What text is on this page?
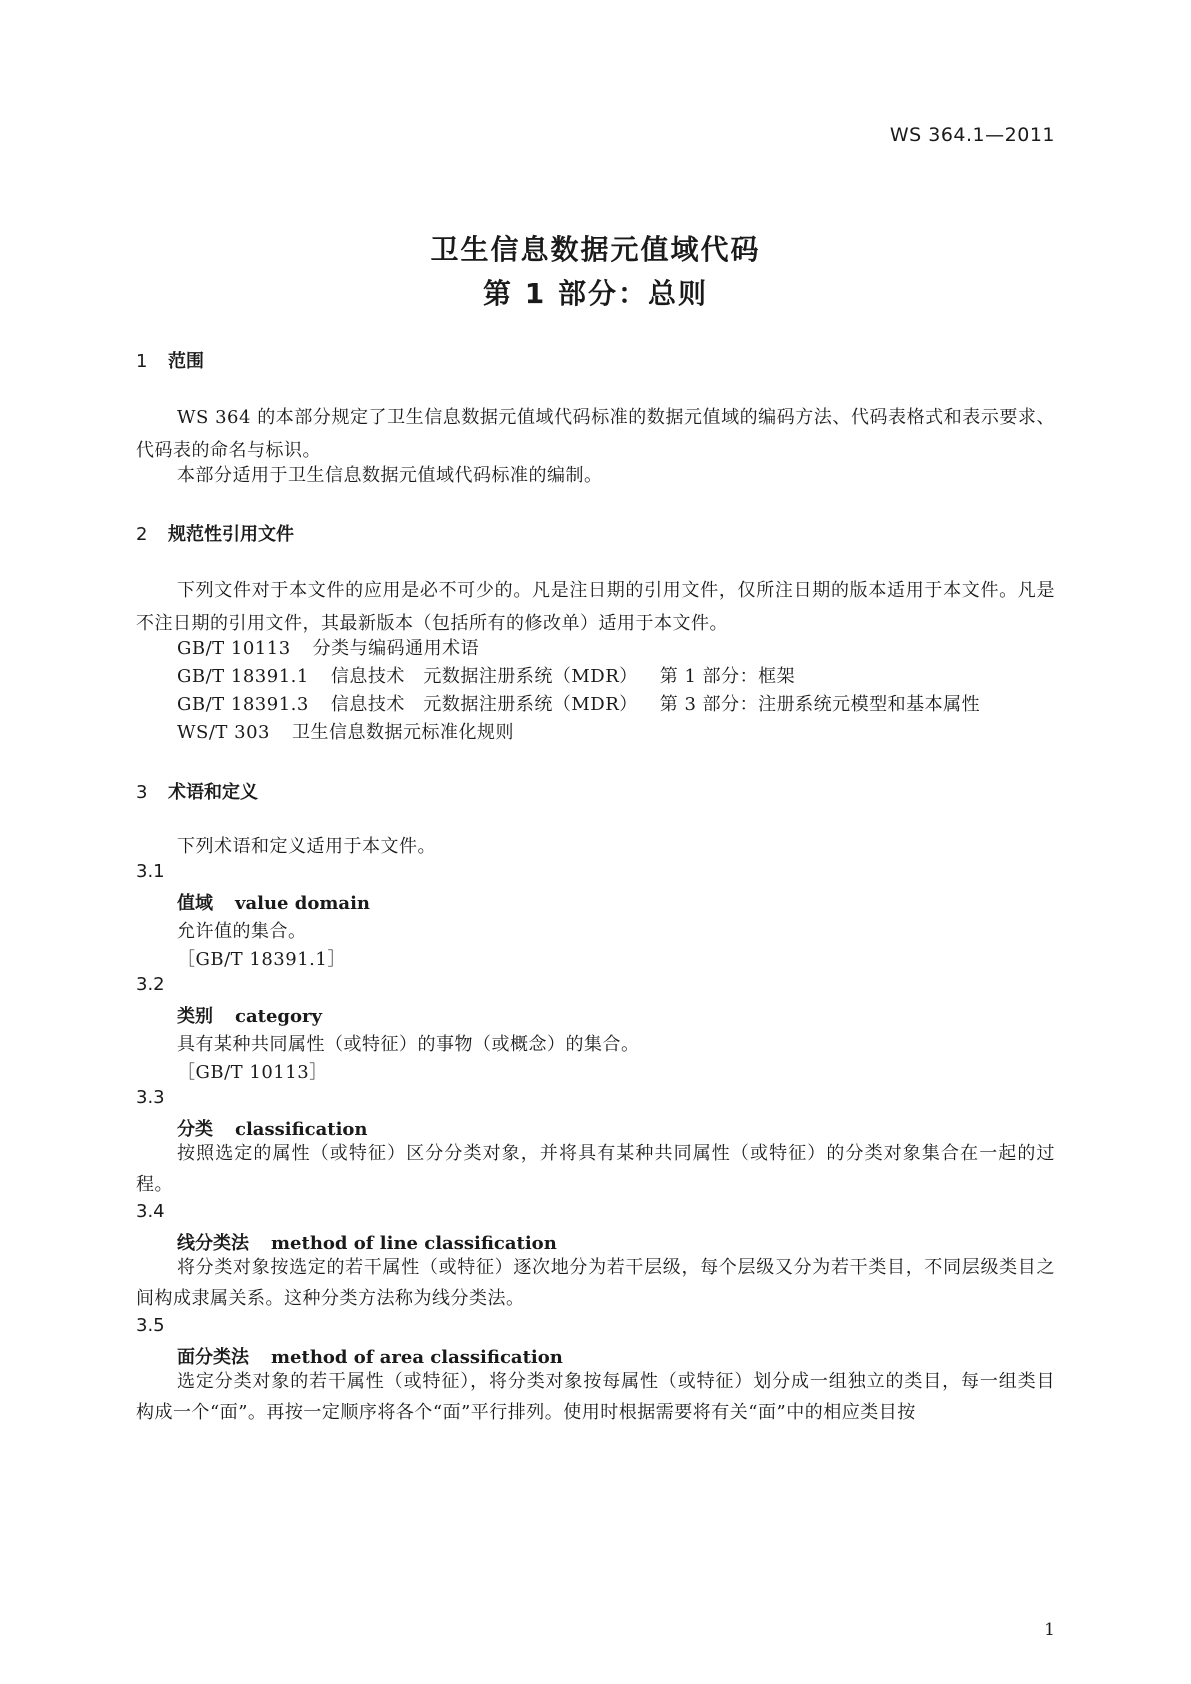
WS 364.1—2011
卫生信息数据元值域代码
第 1 部分：总则
1 范围
WS 364 的本部分规定了卫生信息数据元值域代码标准的数据元值域的编码方法、代码表格式和表示要求、代码表的命名与标识。
本部分适用于卫生信息数据元值域代码标准的编制。
2 规范性引用文件
下列文件对于本文件的应用是必不可少的。凡是注日期的引用文件，仅所注日期的版本适用于本文件。凡是不注日期的引用文件，其最新版本（包括所有的修改单）适用于本文件。
GB/T 10113 分类与编码通用术语
GB/T 18391.1 信息技术　元数据注册系统（MDR） 第 1 部分：框架
GB/T 18391.3 信息技术　元数据注册系统（MDR） 第 3 部分：注册系统元模型和基本属性
WS/T 303 卫生信息数据元标准化规则
3 术语和定义
下列术语和定义适用于本文件。
3.1
值域 value domain
允许值的集合。
［GB/T 18391.1］
3.2
类别 category
具有某种共同属性（或特征）的事物（或概念）的集合。
［GB/T 10113］
3.3
分类 classification
按照选定的属性（或特征）区分分类对象，并将具有某种共同属性（或特征）的分类对象集合在一起的过程。
3.4
线分类法 method of line classification
将分类对象按选定的若干属性（或特征）逐次地分为若干层级，每个层级又分为若干类目，不同层级类目之间构成隶属关系。这种分类方法称为线分类法。
3.5
面分类法 method of area classification
选定分类对象的若干属性（或特征），将分类对象按每属性（或特征）划分成一组独立的类目，每一组类目构成一个“面”。再按一定顺序将各个“面”平行排列。使用时根据需要将有关“面”中的相应类目按
1
